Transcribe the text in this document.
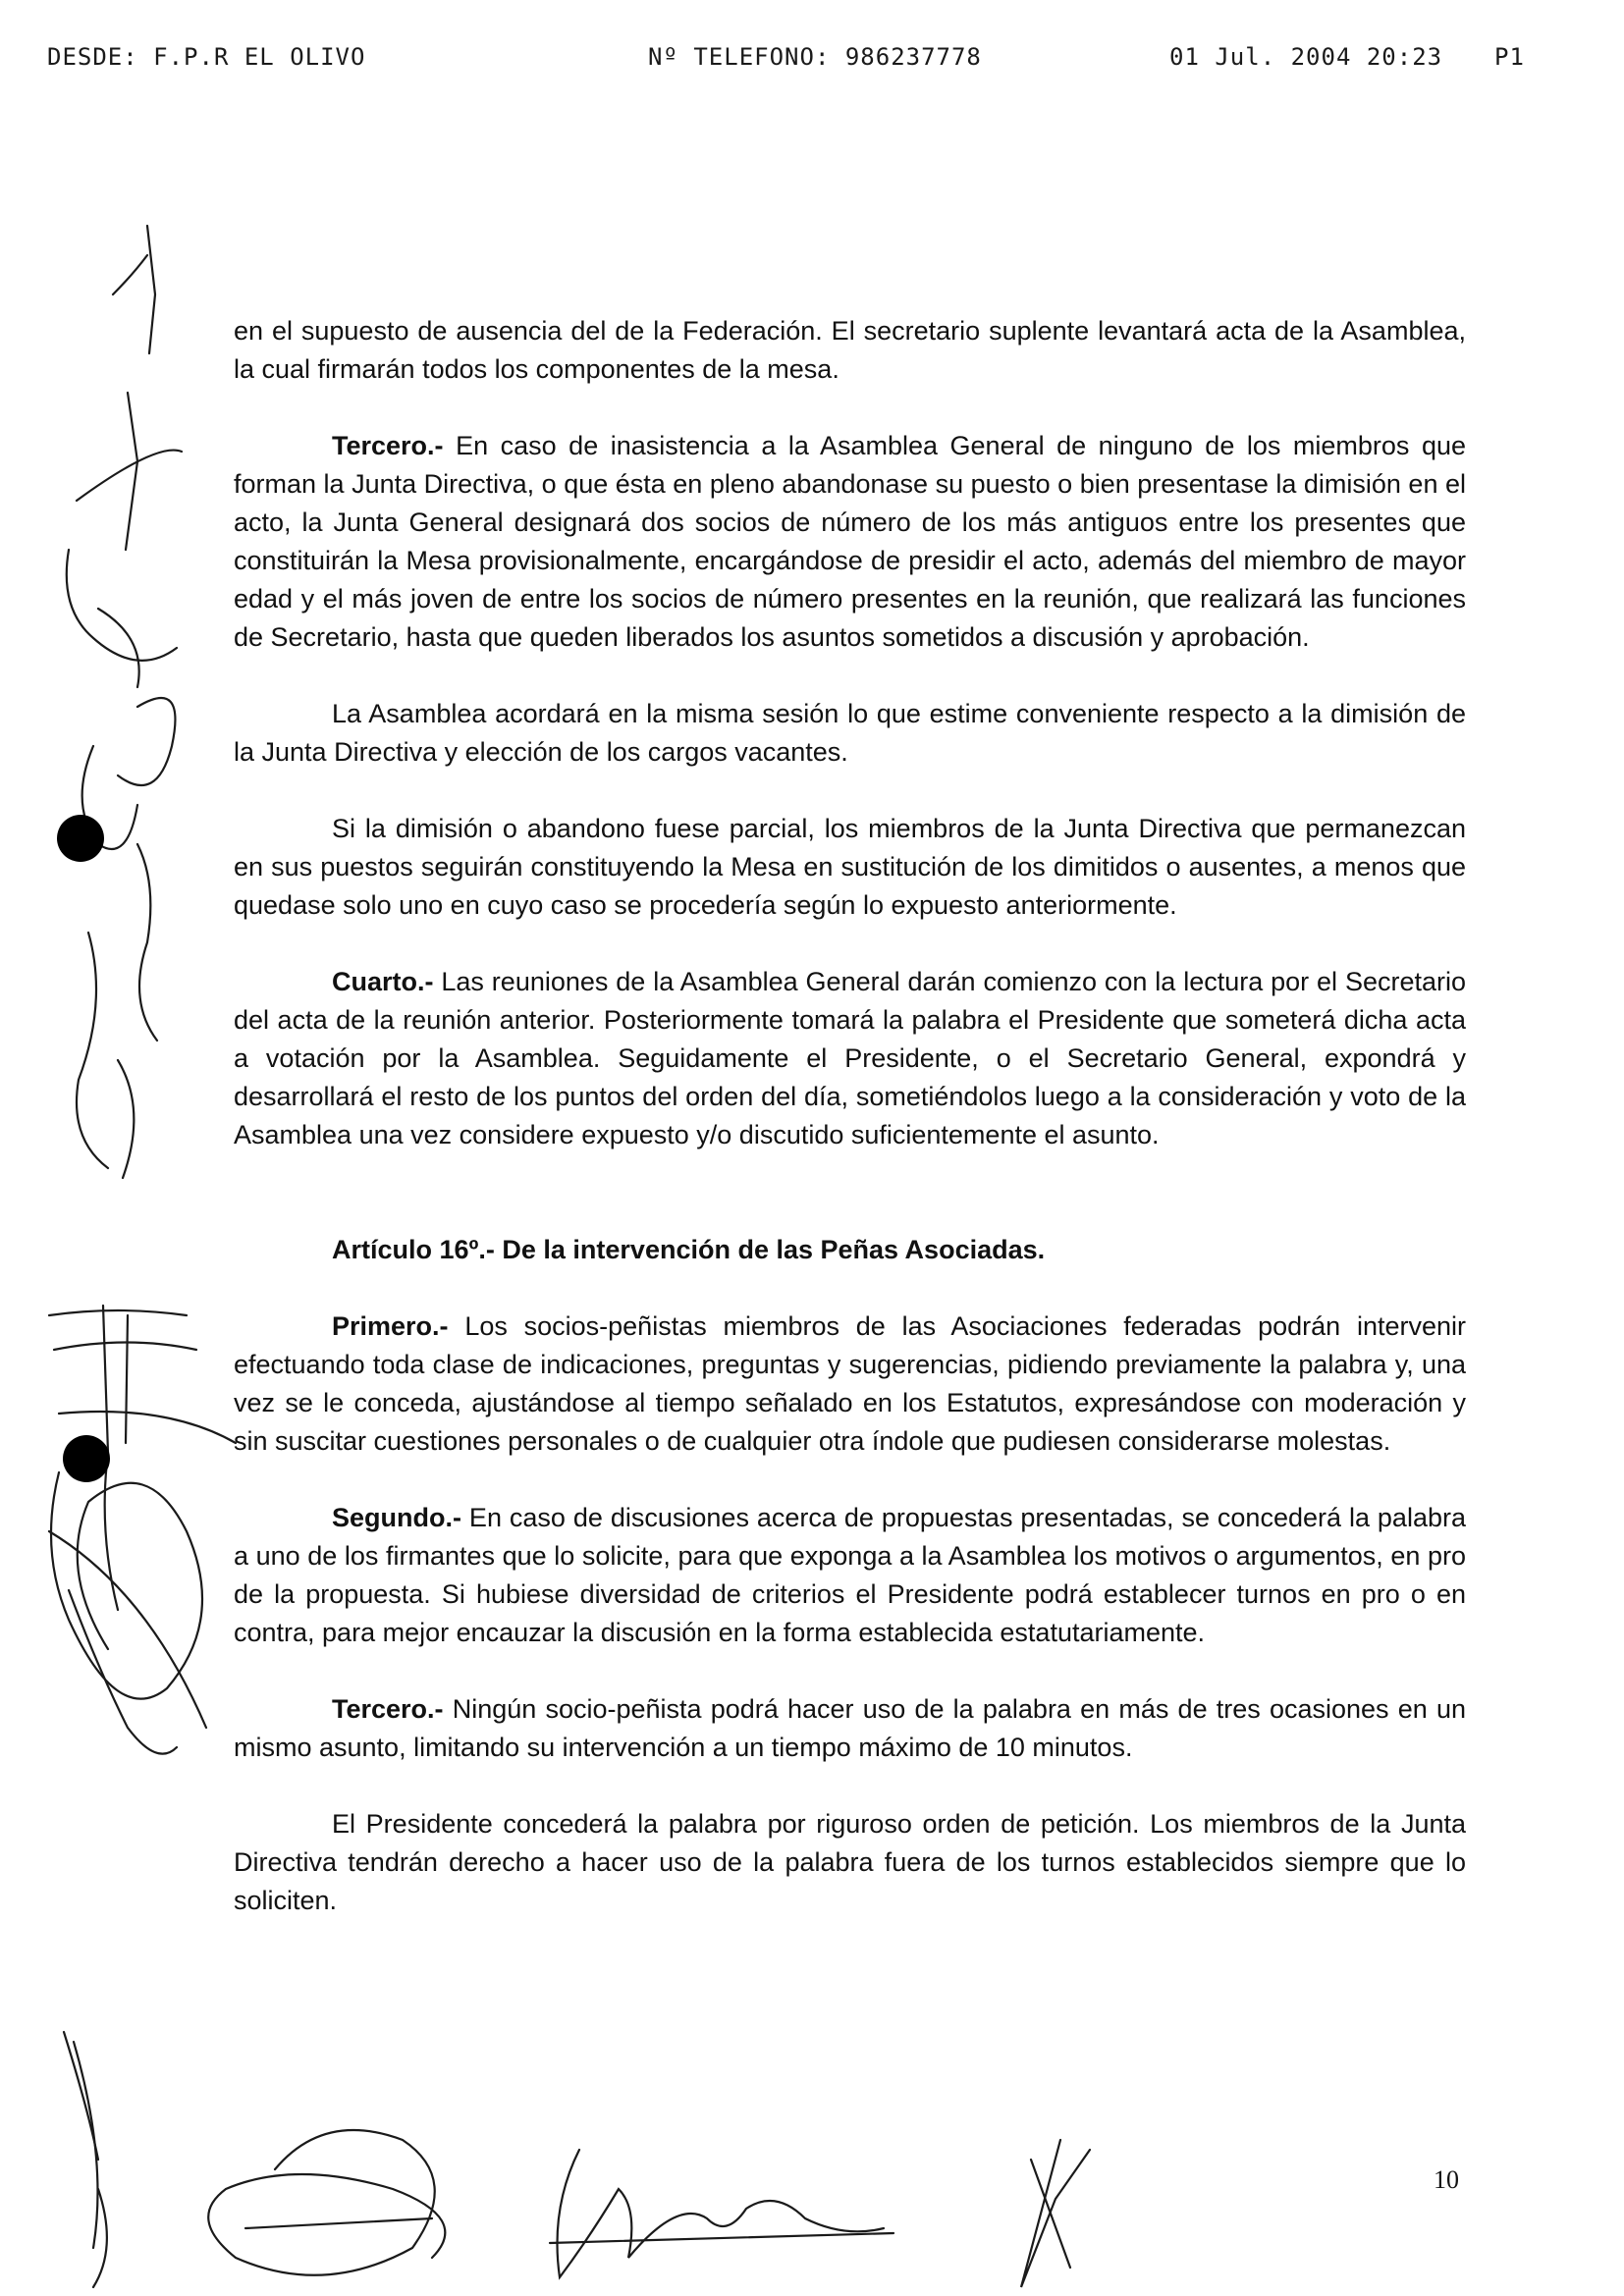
DESDE: F.P.R EL OLIVO	Nº TELEFONO: 986237778	01 Jul. 2004 20:23 P1

en el supuesto de ausencia del de la Federación. El secretario suplente levantará acta de la Asamblea, la cual firmarán todos los componentes de la mesa.

Tercero.- En caso de inasistencia a la Asamblea General de ninguno de los miembros que forman la Junta Directiva, o que ésta en pleno abandonase su puesto o bien presentase la dimisión en el acto, la Junta General designará dos socios de número de los más antiguos entre los presentes que constituirán la Mesa provisionalmente, encargándose de presidir el acto, además del miembro de mayor edad y el más joven de entre los socios de número presentes en la reunión, que realizará las funciones de Secretario, hasta que queden liberados los asuntos sometidos a discusión y aprobación.

La Asamblea acordará en la misma sesión lo que estime conveniente respecto a la dimisión de la Junta Directiva y elección de los cargos vacantes.

Si la dimisión o abandono fuese parcial, los miembros de la Junta Directiva que permanezcan en sus puestos seguirán constituyendo la Mesa en sustitución de los dimitidos o ausentes, a menos que quedase solo uno en cuyo caso se procedería según lo expuesto anteriormente.

Cuarto.- Las reuniones de la Asamblea General darán comienzo con la lectura por el Secretario del acta de la reunión anterior. Posteriormente tomará la palabra el Presidente que someterá dicha acta a votación por la Asamblea. Seguidamente el Presidente, o el Secretario General, expondrá y desarrollará el resto de los puntos del orden del día, sometiéndolos luego a la consideración y voto de la Asamblea una vez considere expuesto y/o discutido suficientemente el asunto.

Artículo 16º.- De la intervención de las Peñas Asociadas.

Primero.- Los socios-peñistas miembros de las Asociaciones federadas podrán intervenir efectuando toda clase de indicaciones, preguntas y sugerencias, pidiendo previamente la palabra y, una vez se le conceda, ajustándose al tiempo señalado en los Estatutos, expresándose con moderación y sin suscitar cuestiones personales o de cualquier otra índole que pudiesen considerarse molestas.

Segundo.- En caso de discusiones acerca de propuestas presentadas, se concederá la palabra a uno de los firmantes que lo solicite, para que exponga a la Asamblea los motivos o argumentos, en pro de la propuesta. Si hubiese diversidad de criterios el Presidente podrá establecer turnos en pro o en contra, para mejor encauzar la discusión en la forma establecida estatutariamente.

Tercero.- Ningún socio-peñista podrá hacer uso de la palabra en más de tres ocasiones en un mismo asunto, limitando su intervención a un tiempo máximo de 10 minutos.

El Presidente concederá la palabra por riguroso orden de petición. Los miembros de la Junta Directiva tendrán derecho a hacer uso de la palabra fuera de los turnos establecidos siempre que lo soliciten.

10
